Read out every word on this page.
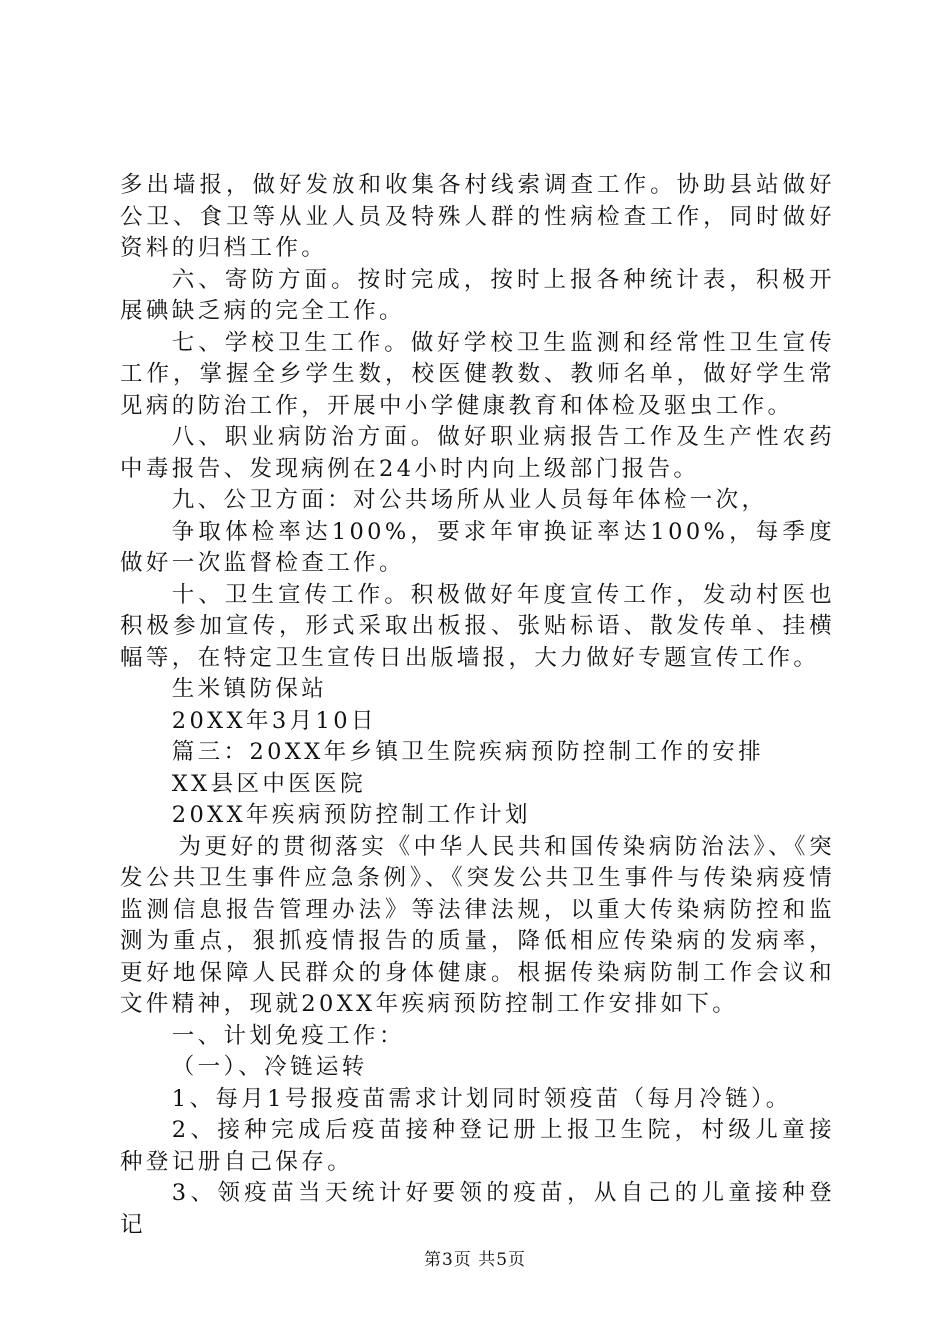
多出墙报，做好发放和收集各村线索调查工作。协助县站做好公卫、食卫等从业人员及特殊人群的性病检查工作，同时做好资料的归档工作。

六、寄防方面。按时完成，按时上报各种统计表，积极开展碘缺乏病的完全工作。

七、学校卫生工作。做好学校卫生监测和经常性卫生宣传工作，掌握全乡学生数，校医健教数、教师名单，做好学生常见病的防治工作，开展中小学健康教育和体检及驱虫工作。

八、职业病防治方面。做好职业病报告工作及生产性农药中毒报告、发现病例在24小时内向上级部门报告。

九、公卫方面：对公共场所从业人员每年体检一次，

争取体检率达100%，要求年审换证率达100%，每季度做好一次监督检查工作。

十、卫生宣传工作。积极做好年度宣传工作，发动村医也积极参加宣传，形式采取出板报、张贴标语、散发传单、挂横幅等，在特定卫生宣传日出版墙报，大力做好专题宣传工作。

生米镇防保站

20XX年3月10日

篇三：20XX年乡镇卫生院疾病预防控制工作的安排

XX县区中医医院

20XX年疾病预防控制工作计划

为更好的贯彻落实《中华人民共和国传染病防治法》、《突发公共卫生事件应急条例》、《突发公共卫生事件与传染病疫情监测信息报告管理办法》等法律法规，以重大传染病防控和监测为重点，狠抓疫情报告的质量，降低相应传染病的发病率，更好地保障人民群众的身体健康。根据传染病防制工作会议和文件精神，现就20XX年疾病预防控制工作安排如下。

一、计划免疫工作：

（一）、冷链运转

1、每月1号报疫苗需求计划同时领疫苗（每月冷链）。

2、接种完成后疫苗接种登记册上报卫生院，村级儿童接种登记册自己保存。

3、领疫苗当天统计好要领的疫苗，从自己的儿童接种登记

第3页 共5页
